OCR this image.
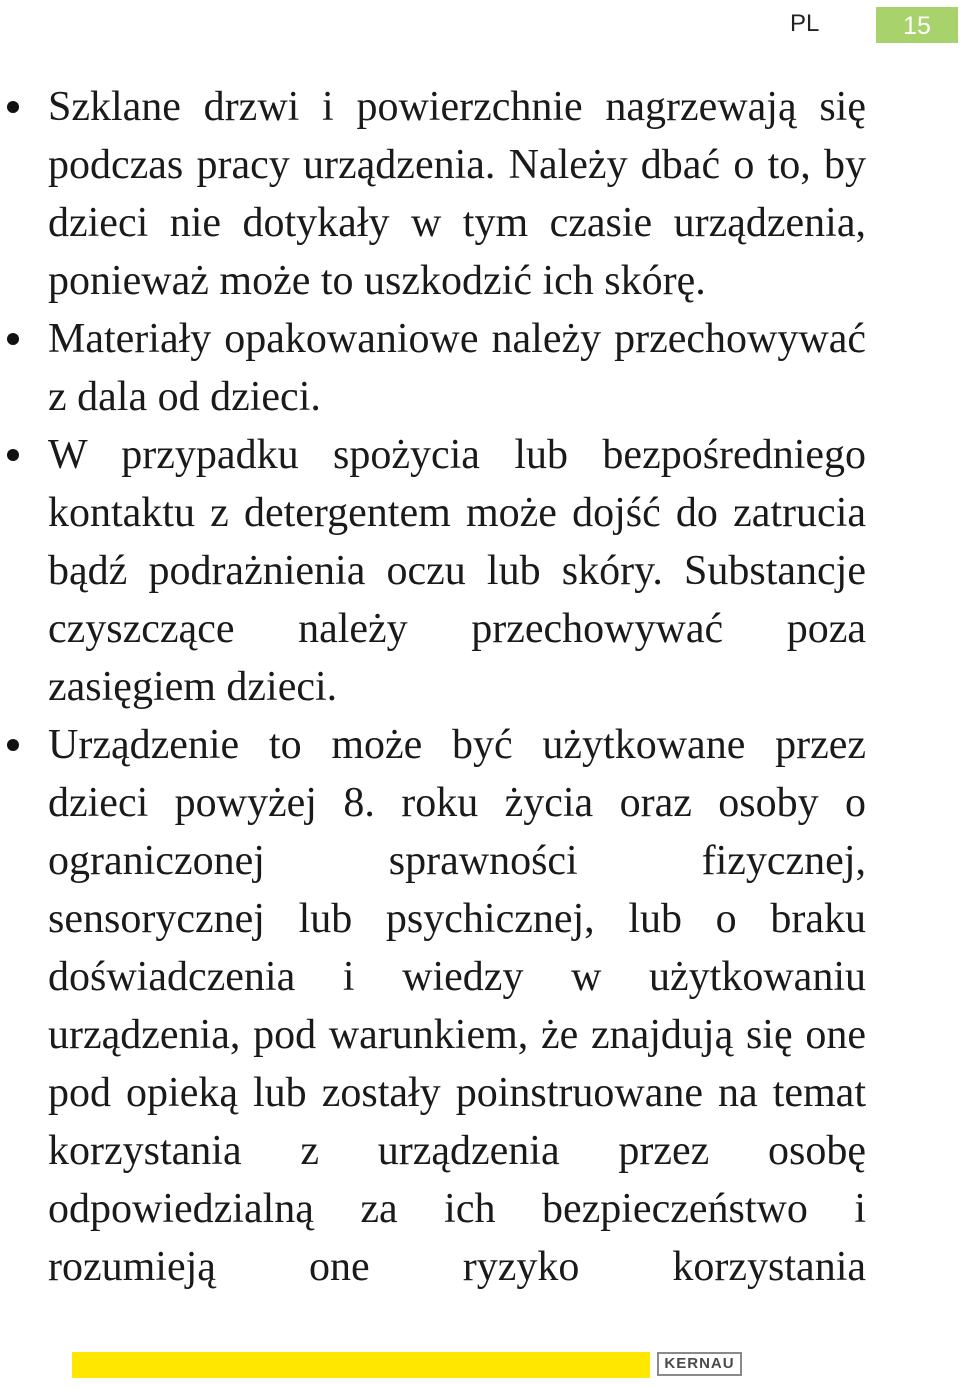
PL	15
Szklane drzwi i powierzchnie nagrzewają się podczas pracy urządzenia. Należy dbać o to, by dzieci nie dotykały w tym czasie urządzenia, ponieważ może to uszkodzić ich skórę.
Materiały opakowaniowe należy przechowywać z dala od dzieci.
W przypadku spożycia lub bezpośredniego kontaktu z detergentem może dojść do zatrucia bądź podrażnienia oczu lub skóry. Substancje czyszczące należy przechowywać poza zasięgiem dzieci.
Urządzenie to może być użytkowane przez dzieci powyżej 8. roku życia oraz osoby o ograniczonej sprawności fizycznej, sensorycznej lub psychicznej, lub o braku doświadczenia i wiedzy w użytkowaniu urządzenia, pod warunkiem, że znajdują się one pod opieką lub zostały poinstruowane na temat korzystania z urządzenia przez osobę odpowiedzialną za ich bezpieczeństwo i rozumieją one ryzyko korzystania
KERNAU
